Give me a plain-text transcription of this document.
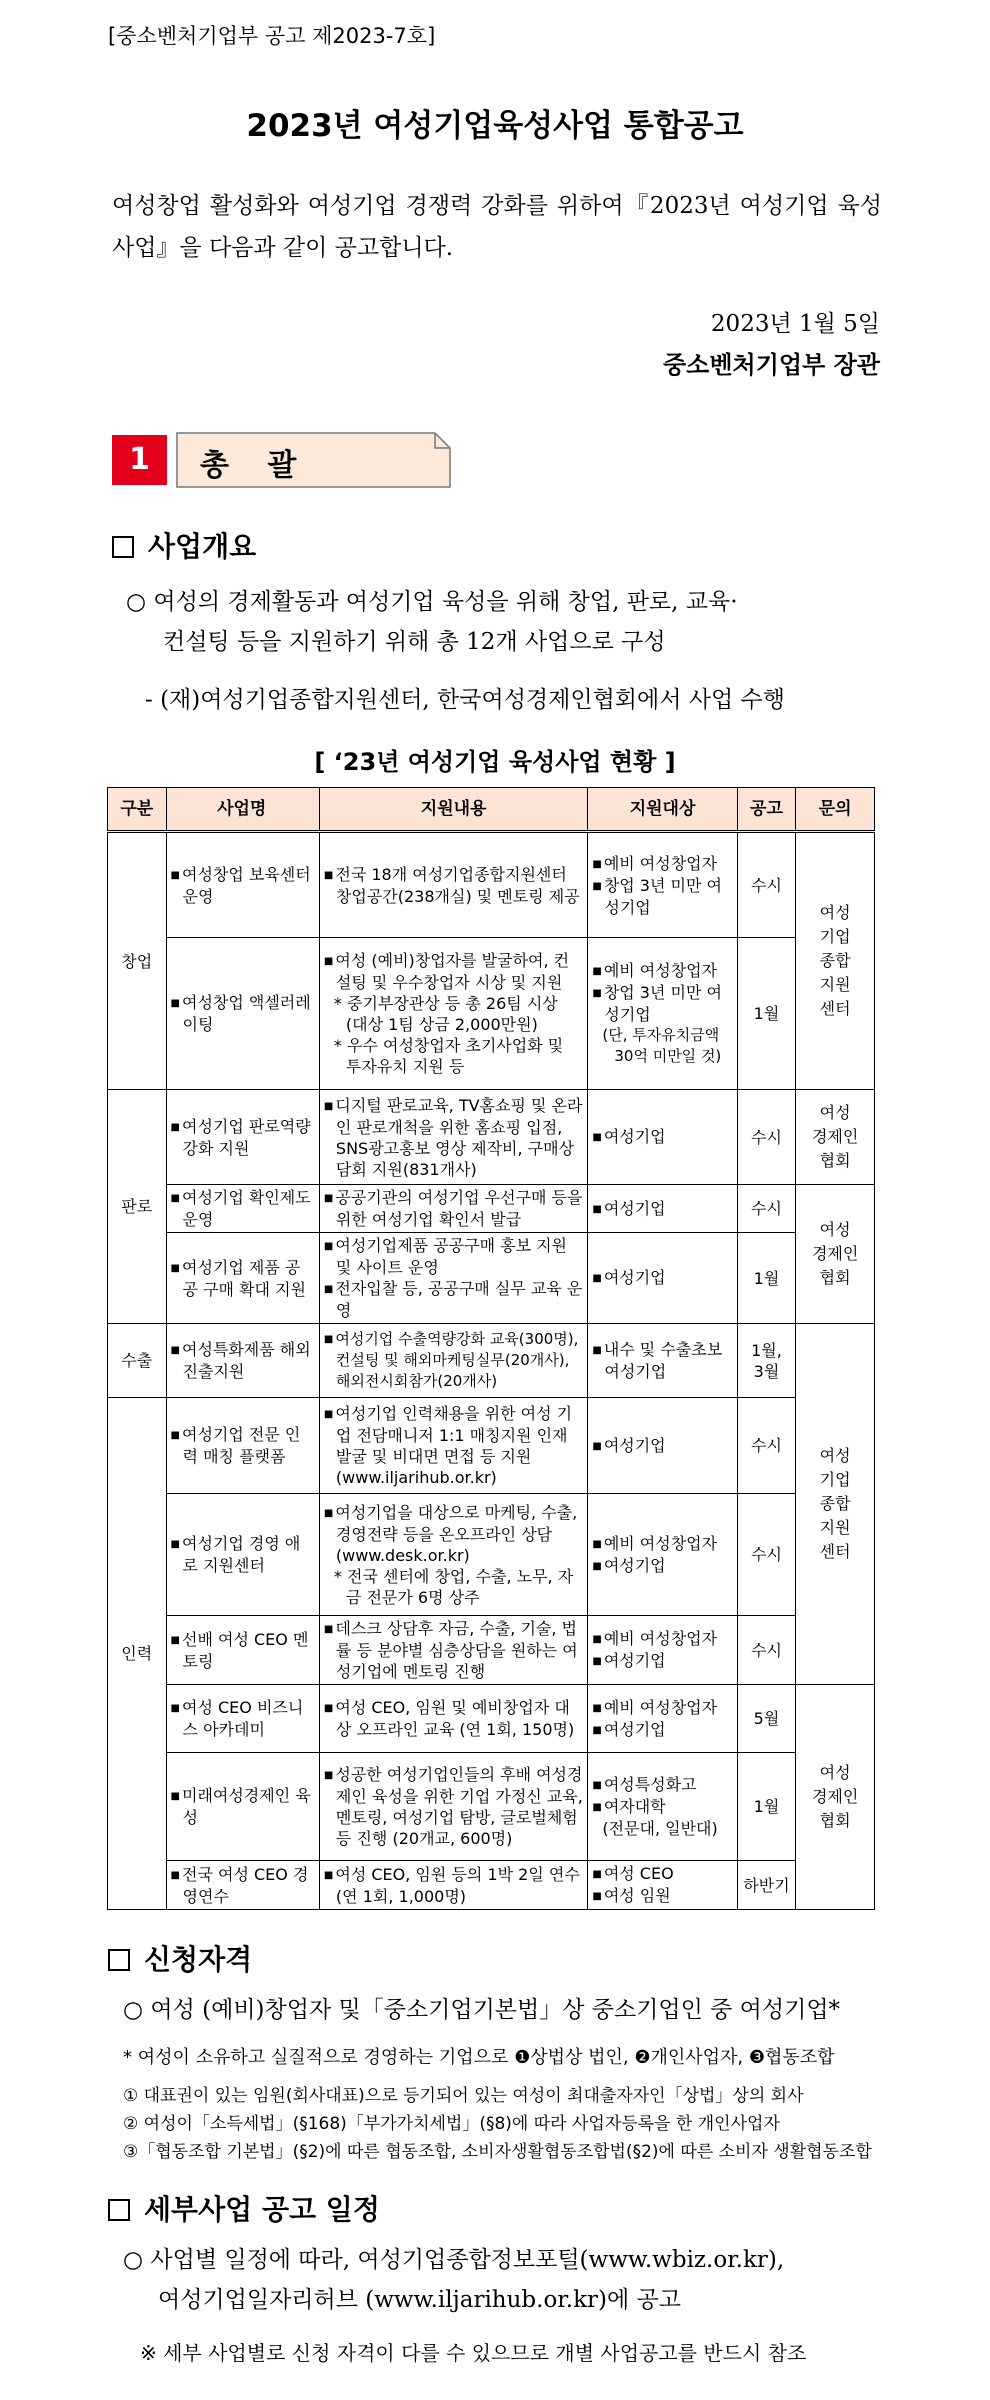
[중소벤처기업부 공고 제2023-7호]
2023년 여성기업육성사업 통합공고
여성창업 활성화와 여성기업 경쟁력 강화를 위하여『2023년 여성기업 육성사업』을 다음과 같이 공고합니다.
2023년 1월 5일
중소벤처기업부 장관
1	총 괄
사업개요
○ 여성의 경제활동과 여성기업 육성을 위해 창업, 판로, 교육·
컨설팅 등을 지원하기 위해 총 12개 사업으로 구성
- (재)여성기업종합지원센터, 한국여성경제인협회에서 사업 수행
[ ‘23년 여성기업 육성사업 현황 ]
구분	사업명	지원내용	지원대상	공고	문의
창업	■ 여성창업 보육센터 운영	■ 전국 18개 여성기업종합지원센터 창업공간(238개실) 및 멘토링 제공	■ 예비 여성창업자
■ 창업 3년 미만 여성기업	수시	여성 기업 종합 지원 센터

	■ 여성창업 액셀러레이팅	■ 여성 (예비)창업자를 발굴하여, 컨설팅 및 우수창업자 시상 및 지원
* 중기부장관상 등 총 26팀 시상 (대상 1팀 상금 2,000만원)
* 우수 여성창업자 초기사업화 및 투자유치 지원 등	■ 예비 여성창업자
■ 창업 3년 미만 여성기업
(단, 투자유치금액 30억 미만일 것)	1월	
판로	■ 여성기업 판로역량 강화 지원	■ 디지털 판로교육, TV홈쇼핑 및 온라인 판로개척을 위한 홈쇼핑 입점, SNS광고홍보 영상 제작비, 구매상담회 지원(831개사)	■ 여성기업	수시	여성 경제인 협회

	■ 여성기업 확인제도 운영	■ 공공기관의 여성기업 우선구매 등을 위한 여성기업 확인서 발급	■ 여성기업	수시	여성 경제인 협회

	■ 여성기업 제품 공공 구매 확대 지원	■ 여성기업제품 공공구매 홍보 지원 및 사이트 운영
■ 전자입찰 등, 공공구매 실무 교육 운영	■ 여성기업	1월	
수출	■ 여성특화제품 해외진출지원	■ 여성기업 수출역량강화 교육(300명), 컨설팅 및 해외마케팅실무(20개사), 해외전시회참가(20개사)	■ 내수 및 수출초보 여성기업	1월, 3월	여성 기업 종합 지원 센터
인력	■ 여성기업 전문 인력 매칭 플랫폼	■ 여성기업 인력채용을 위한 여성 기업 전담매니저 1:1 매칭지원 인재 발굴 및 비대면 면접 등 지원 (www.iljarihub.or.kr)	■ 여성기업	수시	

	■ 여성기업 경영 애로 지원센터	■ 여성기업을 대상으로 마케팅, 수출, 경영전략 등을 온오프라인 상담 (www.desk.or.kr)
* 전국 센터에 창업, 수출, 노무, 자금 전문가 6명 상주	■ 예비 여성창업자
■ 여성기업	수시	

	■ 선배 여성 CEO 멘토링	■ 데스크 상담후 자금, 수출, 기술, 법률 등 분야별 심층상담을 원하는 여성기업에 멘토링 진행	■ 예비 여성창업자
■ 여성기업	수시	

	■ 여성 CEO 비즈니스 아카데미	■ 여성 CEO, 임원 및 예비창업자 대상 오프라인 교육 (연 1회, 150명)	■ 예비 여성창업자
■ 여성기업	5월	여성 경제인 협회

	■ 미래여성경제인 육성	■ 성공한 여성기업인들의 후배 여성경제인 육성을 위한 기업 가정신 교육, 멘토링, 여성기업 탐방, 글로벌체험 등 진행 (20개교, 600명)	■ 여성특성화고
■ 여자대학
(전문대, 일반대)	1월	

	■ 전국 여성 CEO 경영연수	■ 여성 CEO, 임원 등의 1박 2일 연수(연 1회, 1,000명)	■ 여성 CEO
■ 여성 임원	하반기	
신청자격
○ 여성 (예비)창업자 및「중소기업기본법」상 중소기업인 중 여성기업*
* 여성이 소유하고 실질적으로 경영하는 기업으로 ❶상법상 법인, ❷개인사업자, ❸협동조합
① 대표권이 있는 임원(회사대표)으로 등기되어 있는 여성이 최대출자자인「상법」상의 회사
② 여성이「소득세법」(§168)「부가가치세법」(§8)에 따라 사업자등록을 한 개인사업자
③「협동조합 기본법」(§2)에 따른 협동조합, 소비자생활협동조합법(§2)에 따른 소비자 생활협동조합
세부사업 공고 일정
○ 사업별 일정에 따라, 여성기업종합정보포털(www.wbiz.or.kr),
여성기업일자리허브 (www.iljarihub.or.kr)에 공고
※ 세부 사업별로 신청 자격이 다를 수 있으므로 개별 사업공고를 반드시 참조
